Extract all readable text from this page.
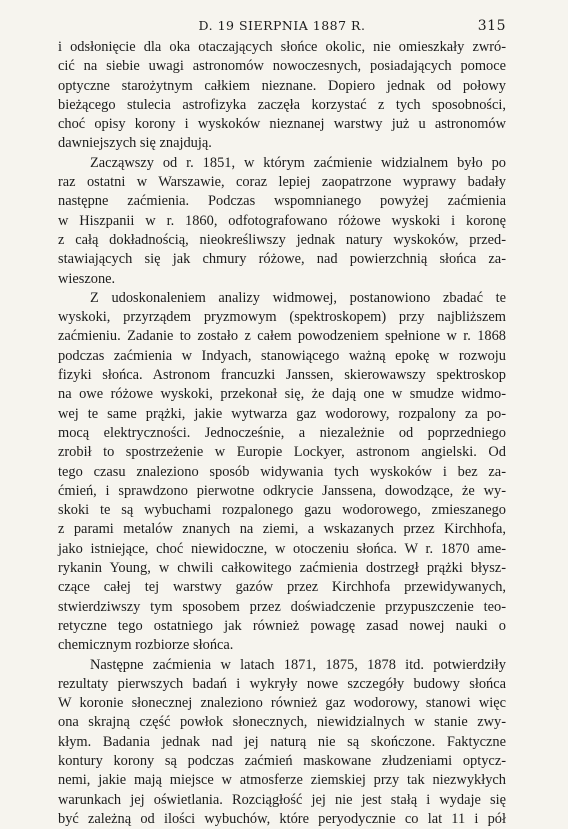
D. 19 SIERPNIA 1887 R.	315

i odsłonięcie dla oka otaczających słońce okolic, nie omieszkały zwró-
cić na siebie uwagi astronomów nowoczesnych, posiadających pomoce
optyczne starożytnym całkiem nieznane. Dopiero jednak od połowy
bieżącego stulecia astrofizyka zaczęła korzystać z tych sposobności,
choć opisy korony i wyskoków nieznanej warstwy już u astronomów
dawniejszych się znajdują.

Zacząwszy od r. 1851, w którym zaćmienie widzialnem było po
raz ostatni w Warszawie, coraz lepiej zaopatrzone wyprawy badały
następne zaćmienia. Podczas wspomnianego powyżej zaćmienia
w Hiszpanii w r. 1860, odfotografowano różowe wyskoki i koronę
z całą dokładnością, nieokreśliwszy jednak natury wyskoków, przed-
stawiających się jak chmury różowe, nad powierzchnią słońca za-
wieszone.

Z udoskonaleniem analizy widmowej, postanowiono zbadać te
wyskoki, przyrządem pryzmowym (spektroskopem) przy najbliższem
zaćmieniu. Zadanie to zostało z całem powodzeniem spełnione w r. 1868
podczas zaćmienia w Indyach, stanowiącego ważną epokę w rozwoju
fizyki słońca. Astronom francuzki Janssen, skierowawszy spektroskop
na owe różowe wyskoki, przekonał się, że dają one w smudze widmo-
wej te same prążki, jakie wytwarza gaz wodorowy, rozpalony za po-
mocą elektryczności. Jednocześnie, a niezależnie od poprzedniego
zrobił to spostrzeżenie w Europie Lockyer, astronom angielski. Od
tego czasu znaleziono sposób widywania tych wyskoków i bez za-
ćmień, i sprawdzono pierwotne odkrycie Janssena, dowodzące, że wy-
skoki te są wybuchami rozpalonego gazu wodorowego, zmieszanego
z parami metalów znanych na ziemi, a wskazanych przez Kirchhofa,
jako istniejące, choć niewidoczne, w otoczeniu słońca. W r. 1870 ame-
rykanin Young, w chwili całkowitego zaćmienia dostrzegł prążki błysz-
czące całej tej warstwy gazów przez Kirchhofa przewidywanych,
stwierdziwszy tym sposobem przez doświadczenie przypuszczenie teo-
retyczne tego ostatniego jak również powagę zasad nowej nauki o
chemicznym rozbiorze słońca.

Następne zaćmienia w latach 1871, 1875, 1878 itd. potwierdziły
rezultaty pierwszych badań i wykryły nowe szczegóły budowy słońca
W koronie słonecznej znaleziono również gaz wodorowy, stanowi więc
ona skrajną część powłok słonecznych, niewidzialnych w stanie zwy-
kłym. Badania jednak nad jej naturą nie są skończone. Faktyczne
kontury korony są podczas zaćmień maskowane złudzeniami optycz-
nemi, jakie mają miejsce w atmosferze ziemskiej przy tak niezwykłych
warunkach jej oświetlania. Rozciągłość jej nie jest stałą i wydaje się
być zależną od ilości wybuchów, które peryodycznie co lat 11 i pół
